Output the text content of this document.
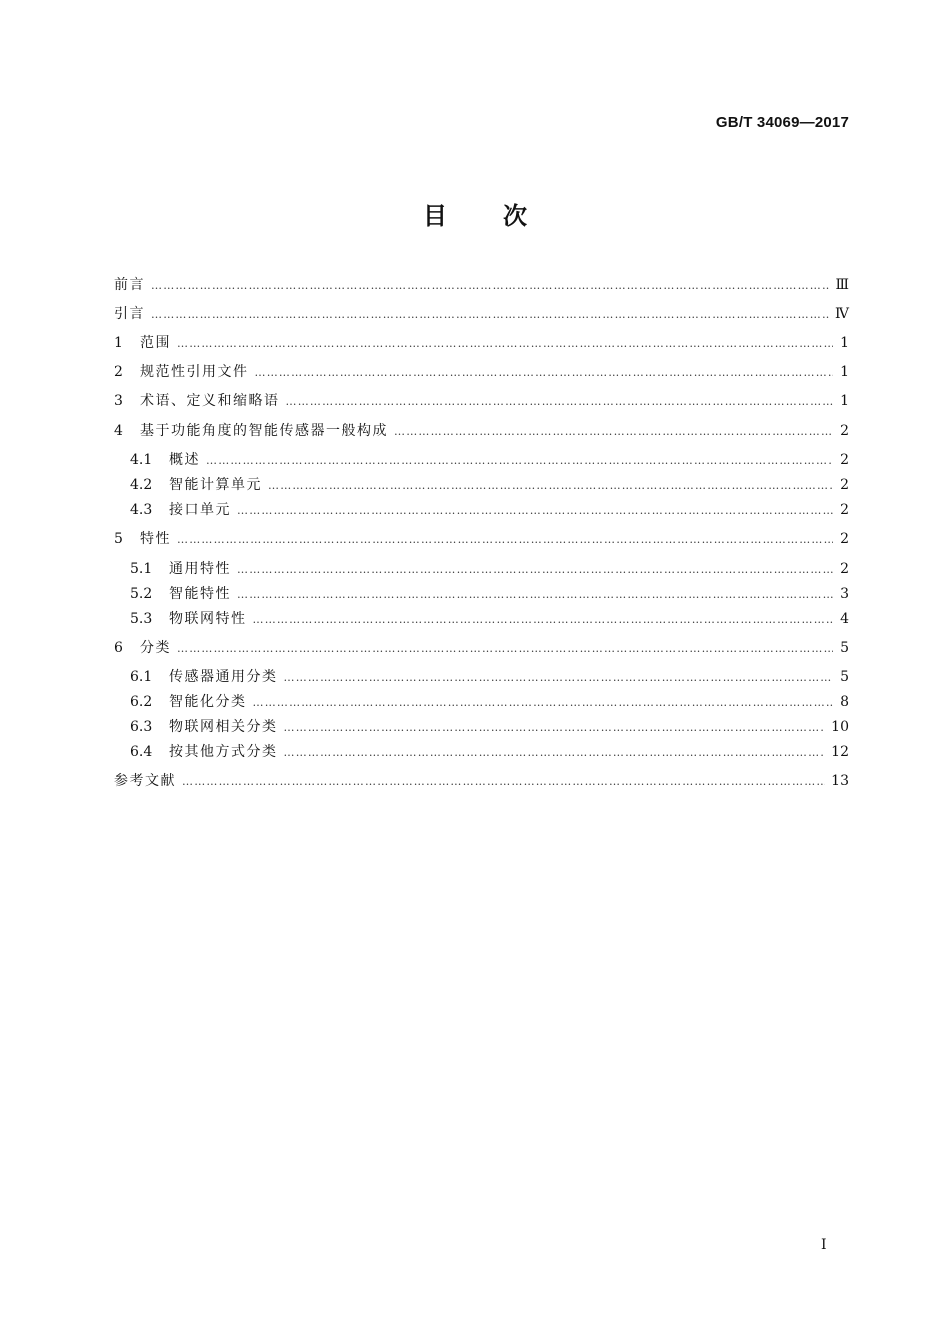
GB/T 34069—2017
目 次
前言 …………………………………………………………………………………………………………………………………………………………………………………………………………………………………………………………	Ⅲ
引言 …………………………………………………………………………………………………………………………………………………………………………………………………………………………………………………………	Ⅳ
1	范围 …………………………………………………………………………………………………………………………………………………………………………………………………………………………………………………………	1
2	规范性引用文件 …………………………………………………………………………………………………………………………………………………………………………………………………………………………………………………………	1
3	术语、定义和缩略语 …………………………………………………………………………………………………………………………………………………………………………………………………………………………………………………………	1
4	基于功能角度的智能传感器一般构成 …………………………………………………………………………………………………………………………………………………………………………………………………………………………………………………………	2
4.1	概述 …………………………………………………………………………………………………………………………………………………………………………………………………………………………………………………………	2
4.2	智能计算单元 …………………………………………………………………………………………………………………………………………………………………………………………………………………………………………………………	2
4.3	接口单元 …………………………………………………………………………………………………………………………………………………………………………………………………………………………………………………………	2
5	特性 …………………………………………………………………………………………………………………………………………………………………………………………………………………………………………………………	2
5.1	通用特性 …………………………………………………………………………………………………………………………………………………………………………………………………………………………………………………………	2
5.2	智能特性 …………………………………………………………………………………………………………………………………………………………………………………………………………………………………………………………	3
5.3	物联网特性 …………………………………………………………………………………………………………………………………………………………………………………………………………………………………………………………	4
6	分类 …………………………………………………………………………………………………………………………………………………………………………………………………………………………………………………………	5
6.1	传感器通用分类 …………………………………………………………………………………………………………………………………………………………………………………………………………………………………………………………	5
6.2	智能化分类 …………………………………………………………………………………………………………………………………………………………………………………………………………………………………………………………	8
6.3	物联网相关分类 …………………………………………………………………………………………………………………………………………………………………………………………………………………………………………………………	10
6.4	按其他方式分类 …………………………………………………………………………………………………………………………………………………………………………………………………………………………………………………………	12
参考文献 …………………………………………………………………………………………………………………………………………………………………………………………………………………………………………………………	13
Ⅰ
